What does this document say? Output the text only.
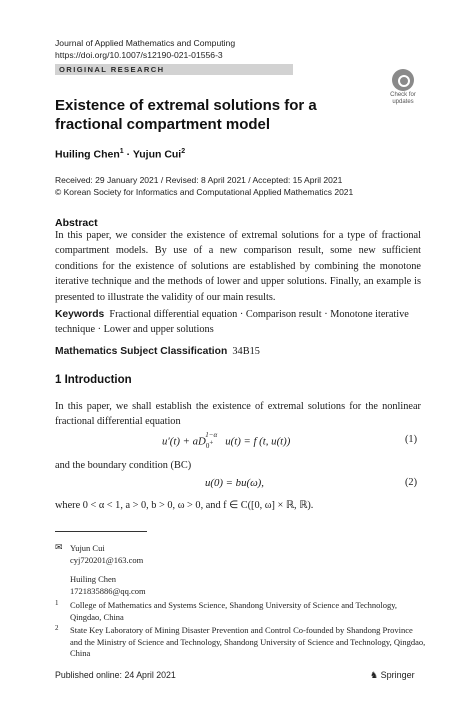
Journal of Applied Mathematics and Computing
https://doi.org/10.1007/s12190-021-01556-3
ORIGINAL RESEARCH
Check for
updates
Existence of extremal solutions for a fractional compartment model
Huiling Chen$^1$ · Yujun Cui$^2$
Received: 29 January 2021 / Revised: 8 April 2021 / Accepted: 15 April 2021
© Korean Society for Informatics and Computational Applied Mathematics 2021
Abstract
In this paper, we consider the existence of extremal solutions for a type of fractional compartment models. By use of a new comparison result, some new sufficient conditions for the existence of solutions are established by combining the monotone iterative technique and the methods of lower and upper solutions. Finally, an example is presented to illustrate the validity of our main results.
Keywords Fractional differential equation · Comparison result · Monotone iterative technique · Lower and upper solutions
Mathematics Subject Classification 34B15
1 Introduction
In this paper, we shall establish the existence of extremal solutions for the nonlinear fractional differential equation
$u'(t) + aD_{0^+}^{1-\alpha}u(t) = f$ (t, u(t))	(1)
and the boundary condition (BC)
u(0) = bu(ω),	(2)
where 0 < α < 1, a > 0, b > 0, ω > 0, and f ∈ C([0, ω] × ℝ, ℝ).
✉ Yujun Cui
cyj720201@163.com
Huiling Chen
1721835886@qq.com
1 College of Mathematics and Systems Science, Shandong University of Science and Technology, Qingdao, China
2 State Key Laboratory of Mining Disaster Prevention and Control Co-founded by Shandong Province and the Ministry of Science and Technology, Shandong University of Science and Technology, Qingdao, China
Published online: 24 April 2021	♞ Springer
